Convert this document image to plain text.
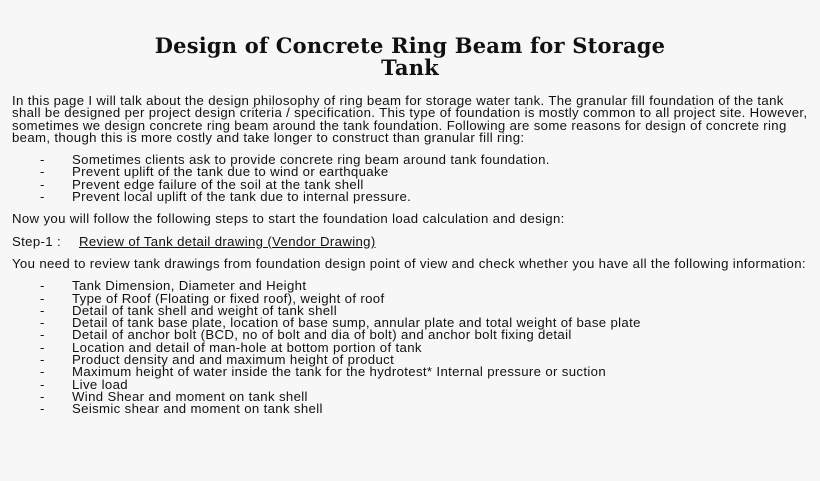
Design of Concrete Ring Beam for Storage
Tank

In this page I will talk about the design philosophy of ring beam for storage water tank. The granular fill foundation of the tank shall be designed per project design criteria / specification. This type of foundation is mostly common to all project site. However, sometimes we design concrete ring beam around the tank foundation. Following are some reasons for design of concrete ring beam, though this is more costly and take longer to construct than granular fill ring:

- Sometimes clients ask to provide concrete ring beam around tank foundation.
- Prevent uplift of the tank due to wind or earthquake
- Prevent edge failure of the soil at the tank shell
- Prevent local uplift of the tank due to internal pressure.

Now you will follow the following steps to start the foundation load calculation and design:

Step-1 : Review of Tank detail drawing (Vendor Drawing)

You need to review tank drawings from foundation design point of view and check whether you have all the following information:

- Tank Dimension, Diameter and Height
- Type of Roof (Floating or fixed roof), weight of roof
- Detail of tank shell and weight of tank shell
- Detail of tank base plate, location of base sump, annular plate and total weight of base plate
- Detail of anchor bolt (BCD, no of bolt and dia of bolt) and anchor bolt fixing detail
- Location and detail of man-hole at bottom portion of tank
- Product density and and maximum height of product
- Maximum height of water inside the tank for the hydrotest* Internal pressure or suction
- Live load
- Wind Shear and moment on tank shell
- Seismic shear and moment on tank shell
